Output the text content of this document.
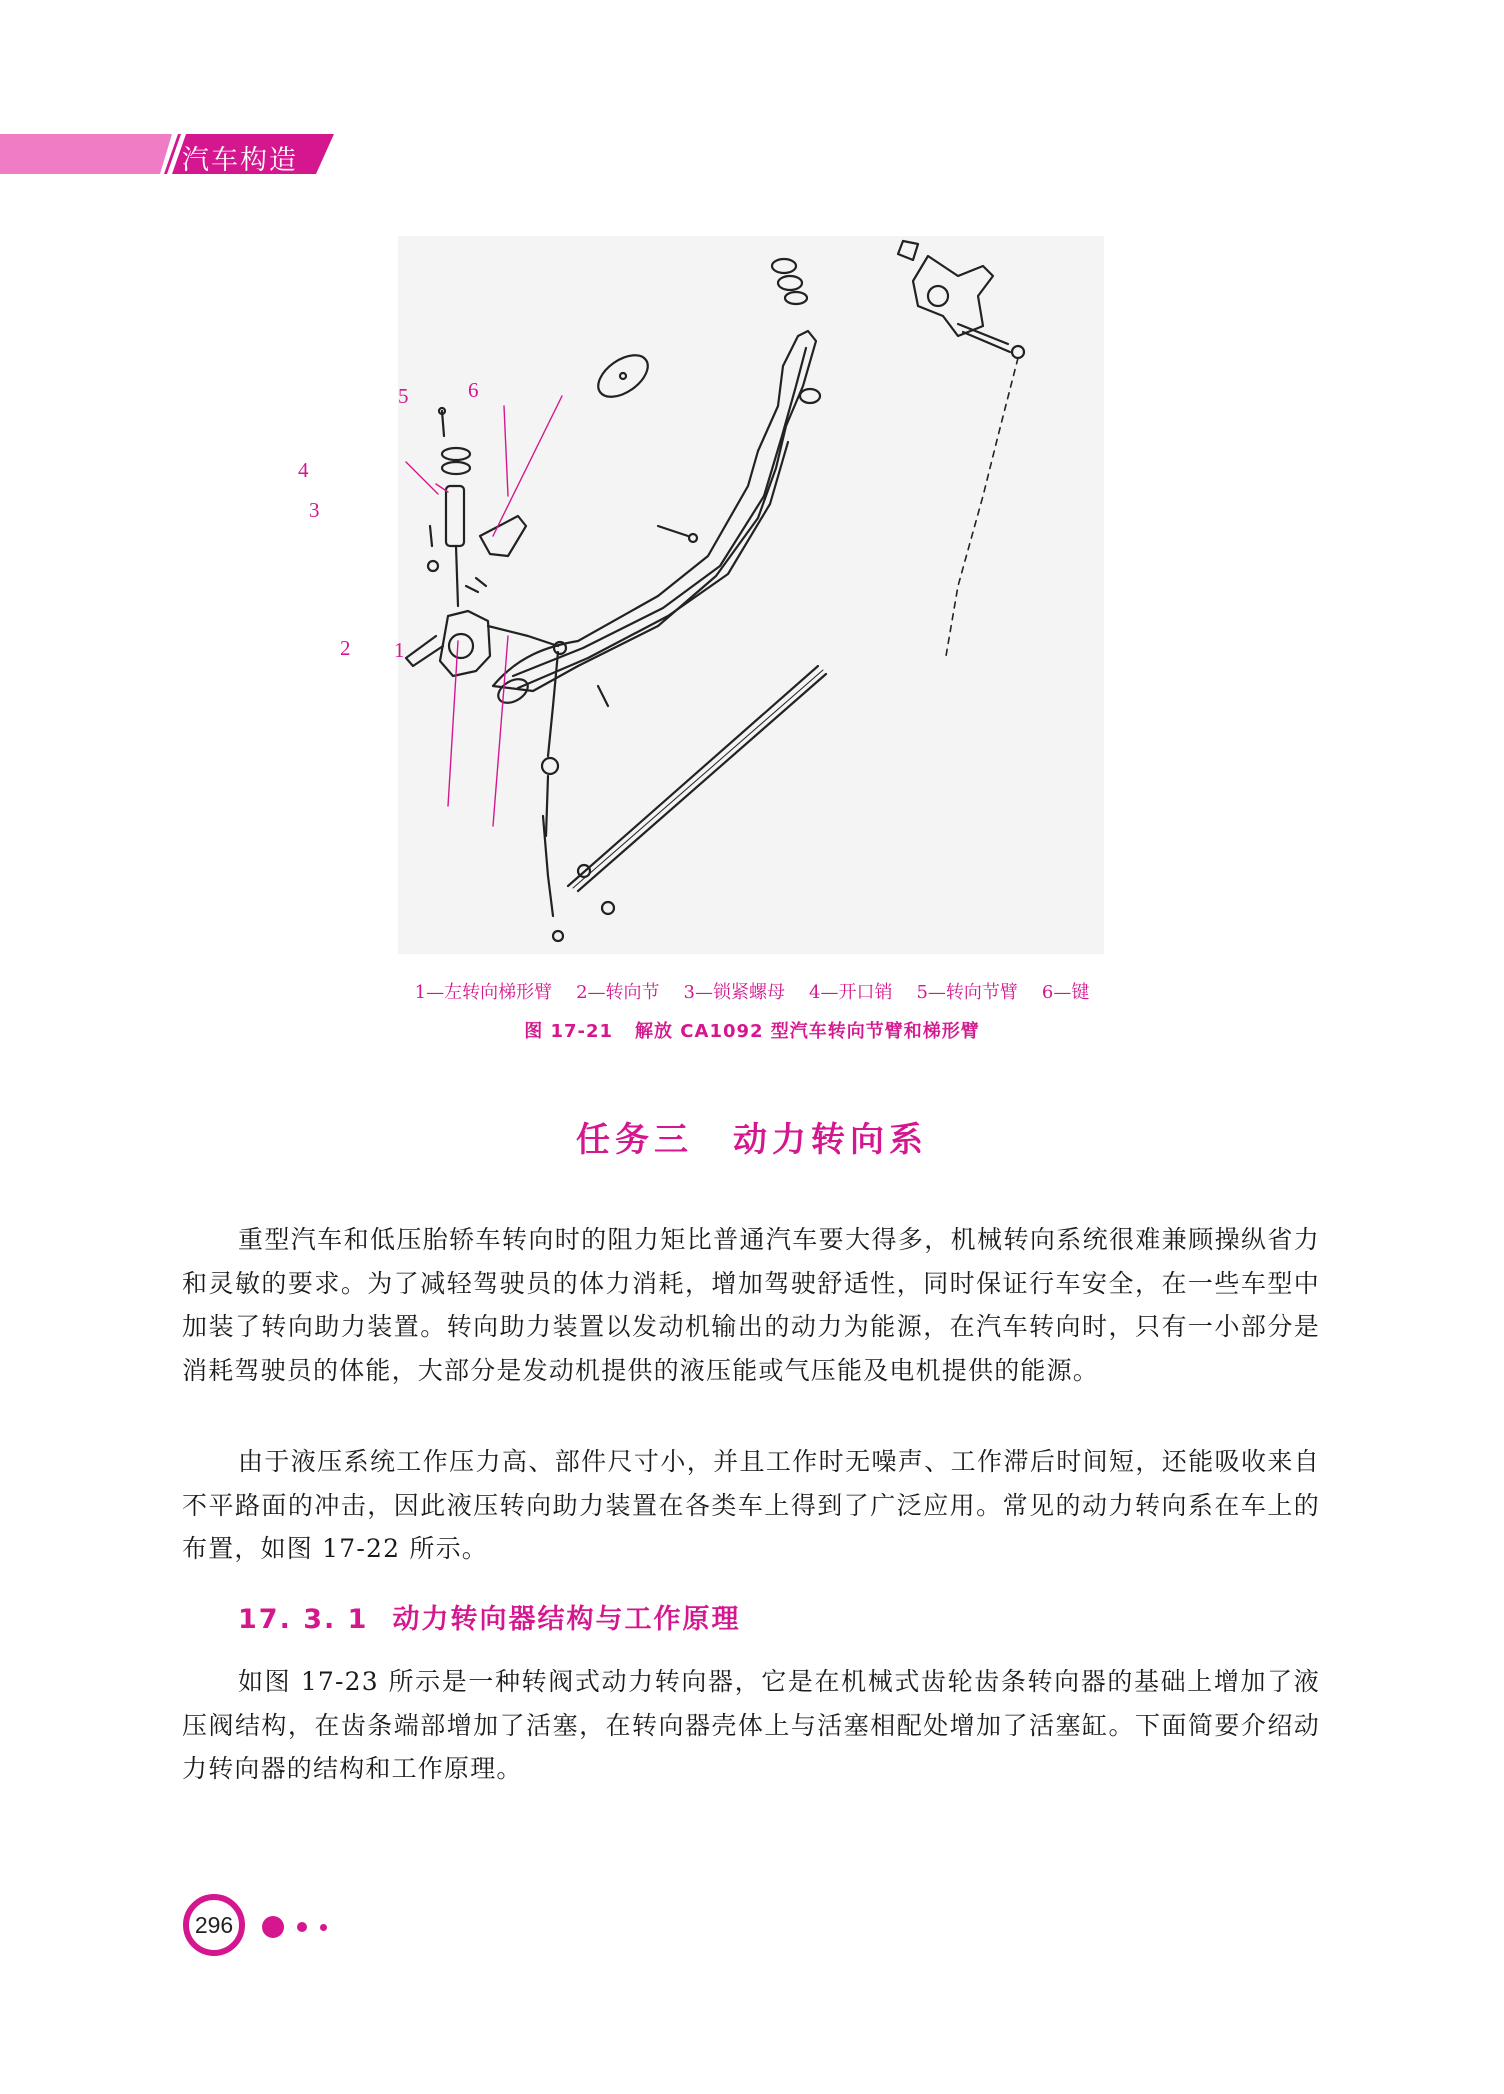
汽车构造
1
2
3
4
5	6
1—左转向梯形臂 2—转向节 3—锁紧螺母 4—开口销 5—转向节臂 6—键
图 17-21 解放 CA1092 型汽车转向节臂和梯形臂
任务三 动力转向系

重型汽车和低压胎轿车转向时的阻力矩比普通汽车要大得多，机械转向系统很难兼顾操纵省力和灵敏的要求。为了减轻驾驶员的体力消耗，增加驾驶舒适性，同时保证行车安全，在一些车型中加装了转向助力装置。转向助力装置以发动机输出的动力为能源，在汽车转向时，只有一小部分是消耗驾驶员的体能，大部分是发动机提供的液压能或气压能及电机提供的能源。

由于液压系统工作压力高、部件尺寸小，并且工作时无噪声、工作滞后时间短，还能吸收来自不平路面的冲击，因此液压转向助力装置在各类车上得到了广泛应用。常见的动力转向系在车上的布置，如图 17-22 所示。

17. 3. 1 动力转向器结构与工作原理

如图 17-23 所示是一种转阀式动力转向器，它是在机械式齿轮齿条转向器的基础上增加了液压阀结构，在齿条端部增加了活塞，在转向器壳体上与活塞相配处增加了活塞缸。下面简要介绍动力转向器的结构和工作原理。

296
